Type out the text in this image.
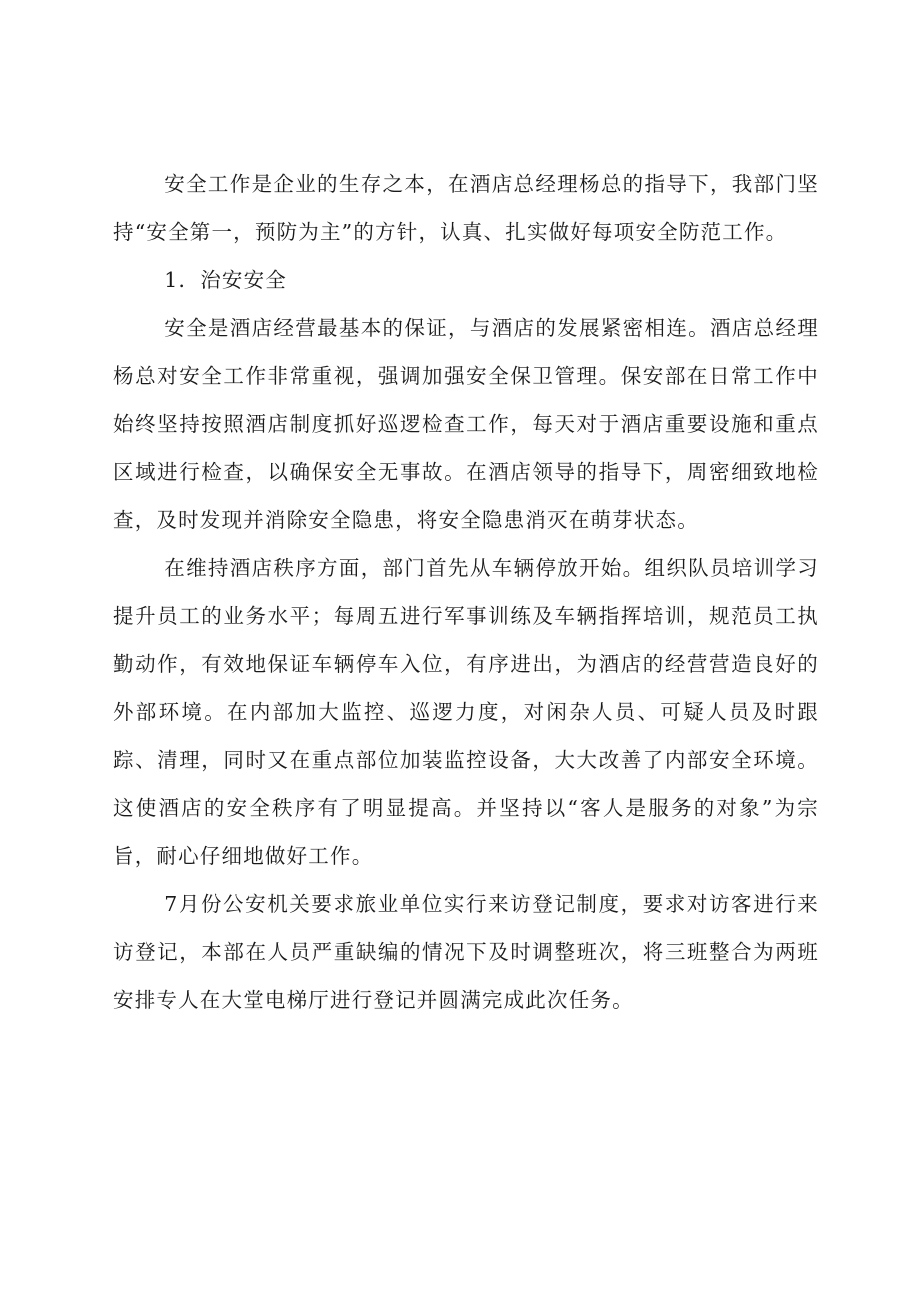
安全工作是企业的生存之本，在酒店总经理杨总的指导下，我部门坚持“安全第一，预防为主”的方针，认真、扎实做好每项安全防范工作。

1．治安安全

安全是酒店经营最基本的保证，与酒店的发展紧密相连。酒店总经理杨总对安全工作非常重视，强调加强安全保卫管理。保安部在日常工作中始终坚持按照酒店制度抓好巡逻检查工作，每天对于酒店重要设施和重点区域进行检查，以确保安全无事故。在酒店领导的指导下，周密细致地检查，及时发现并消除安全隐患，将安全隐患消灭在萌芽状态。

在维持酒店秩序方面，部门首先从车辆停放开始。组织队员培训学习提升员工的业务水平；每周五进行军事训练及车辆指挥培训，规范员工执勤动作，有效地保证车辆停车入位，有序进出，为酒店的经营营造良好的外部环境。在内部加大监控、巡逻力度，对闲杂人员、可疑人员及时跟踪、清理，同时又在重点部位加装监控设备，大大改善了内部安全环境。这使酒店的安全秩序有了明显提高。并坚持以“客人是服务的对象”为宗旨，耐心仔细地做好工作。

7月份公安机关要求旅业单位实行来访登记制度，要求对访客进行来访登记，本部在人员严重缺编的情况下及时调整班次，将三班整合为两班安排专人在大堂电梯厅进行登记并圆满完成此次任务。
